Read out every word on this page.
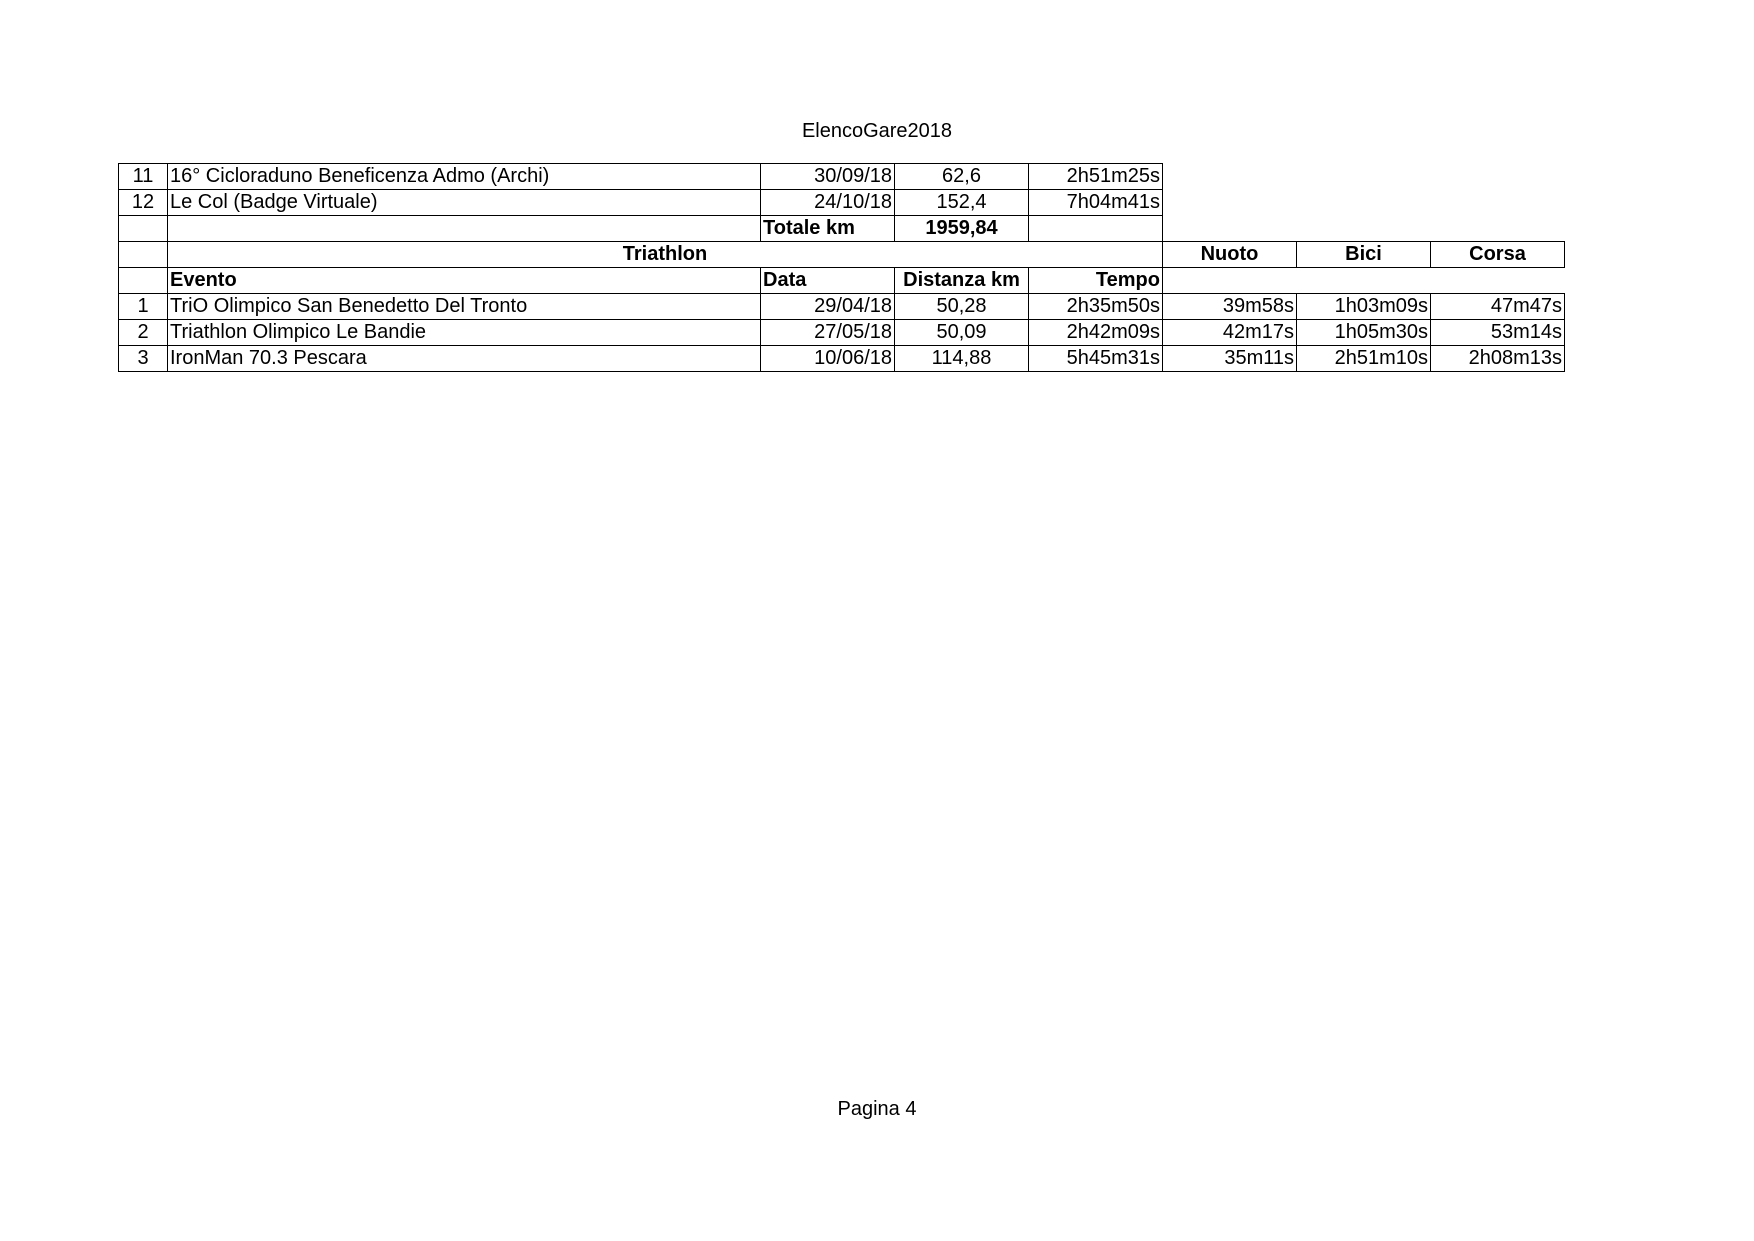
ElencoGare2018
11	16° Cicloraduno Beneficenza Admo (Archi)	30/09/18	62,6	2h51m25s			
12	Le Col (Badge Virtuale)	24/10/18	152,4	7h04m41s			
		Totale km	1959,84				
	Triathlon				Nuoto	Bici	Corsa
	Evento	Data	Distanza km	Tempo			
1	TriO Olimpico San Benedetto Del Tronto	29/04/18	50,28	2h35m50s	39m58s	1h03m09s	47m47s
2	Triathlon Olimpico Le Bandie	27/05/18	50,09	2h42m09s	42m17s	1h05m30s	53m14s
3	IronMan 70.3 Pescara	10/06/18	114,88	5h45m31s	35m11s	2h51m10s	2h08m13s
Pagina 4
